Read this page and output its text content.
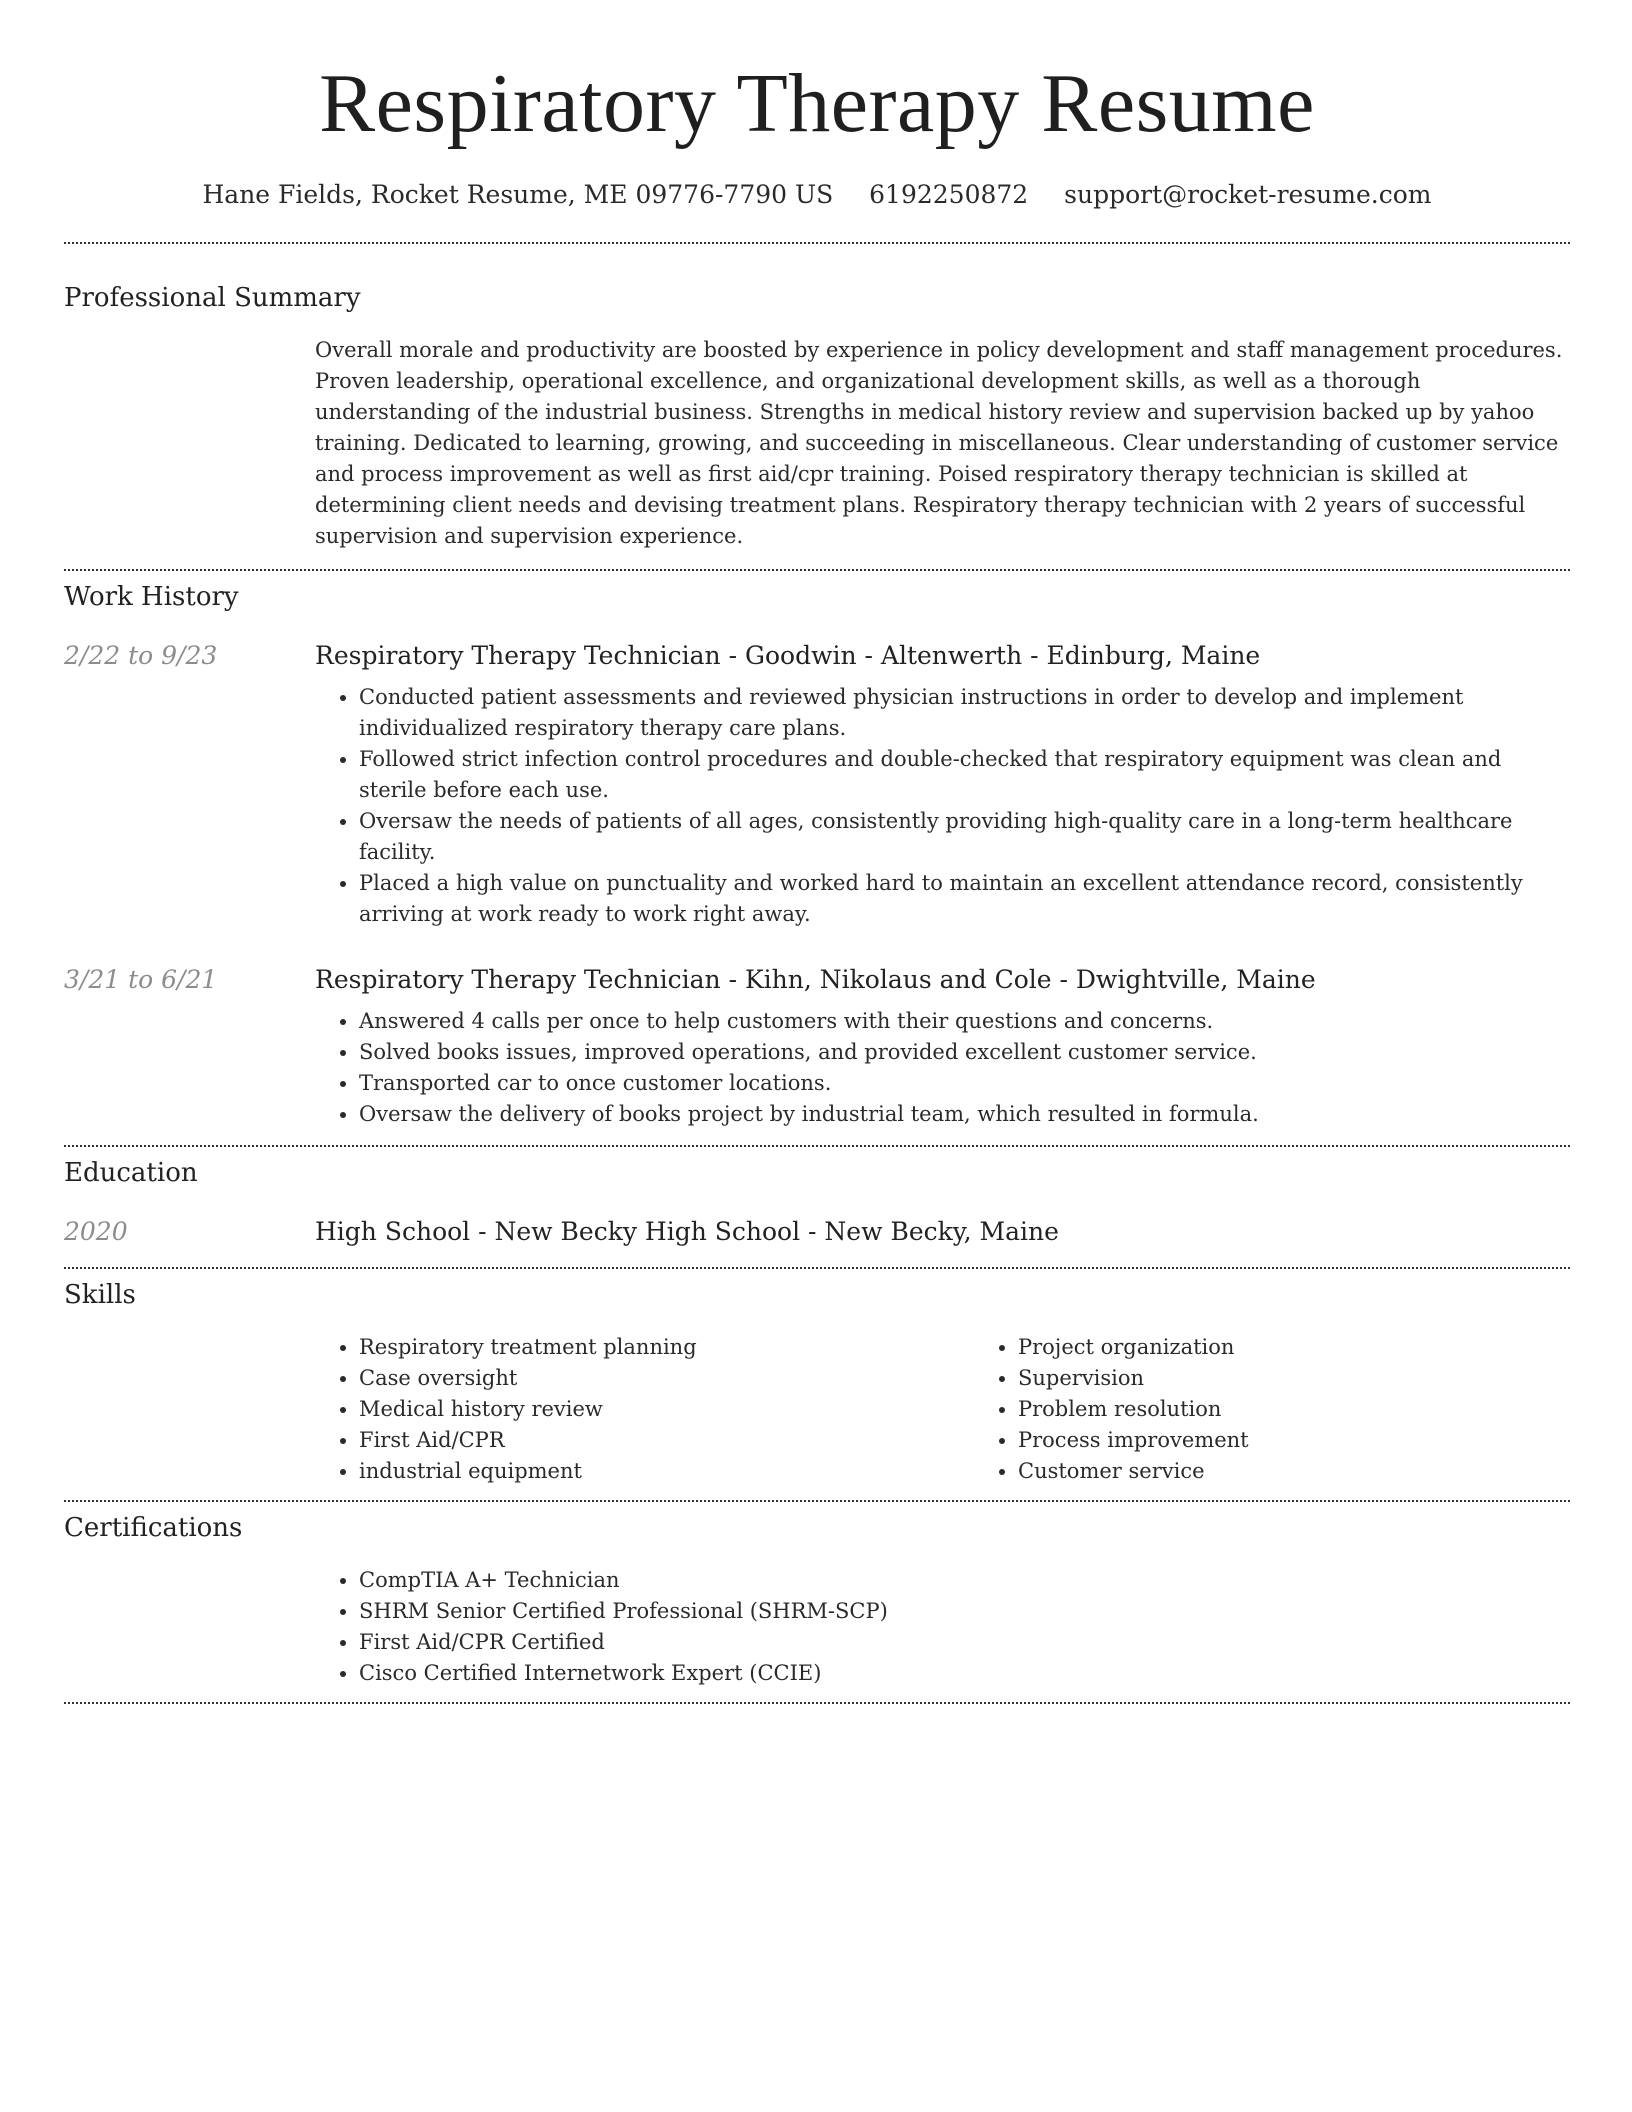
Respiratory Therapy Resume
Hane Fields, Rocket Resume, ME 09776-7790 US 6192250872 support@rocket-resume.com
Professional Summary

Overall morale and productivity are boosted by experience in policy development and staff management procedures. Proven leadership, operational excellence, and organizational development skills, as well as a thorough understanding of the industrial business. Strengths in medical history review and supervision backed up by yahoo training. Dedicated to learning, growing, and succeeding in miscellaneous. Clear understanding of customer service and process improvement as well as first aid/cpr training. Poised respiratory therapy technician is skilled at determining client needs and devising treatment plans. Respiratory therapy technician with 2 years of successful supervision and supervision experience.

Work History
2/22 to 9/23	Respiratory Therapy Technician - Goodwin - Altenwerth - Edinburg, Maine
• Conducted patient assessments and reviewed physician instructions in order to develop and implement individualized respiratory therapy care plans.
• Followed strict infection control procedures and double-checked that respiratory equipment was clean and sterile before each use.
• Oversaw the needs of patients of all ages, consistently providing high-quality care in a long-term healthcare facility.
• Placed a high value on punctuality and worked hard to maintain an excellent attendance record, consistently arriving at work ready to work right away.
3/21 to 6/21	Respiratory Therapy Technician - Kihn, Nikolaus and Cole - Dwightville, Maine
• Answered 4 calls per once to help customers with their questions and concerns.
• Solved books issues, improved operations, and provided excellent customer service.
• Transported car to once customer locations.
• Oversaw the delivery of books project by industrial team, which resulted in formula.
Education
2020	High School - New Becky High School - New Becky, Maine
Skills
• Respiratory treatment planning
• Case oversight
• Medical history review
• First Aid/CPR
• industrial equipment
• Project organization
• Supervision
• Problem resolution
• Process improvement
• Customer service
Certifications
• CompTIA A+ Technician
• SHRM Senior Certified Professional (SHRM-SCP)
• First Aid/CPR Certified
• Cisco Certified Internetwork Expert (CCIE)
